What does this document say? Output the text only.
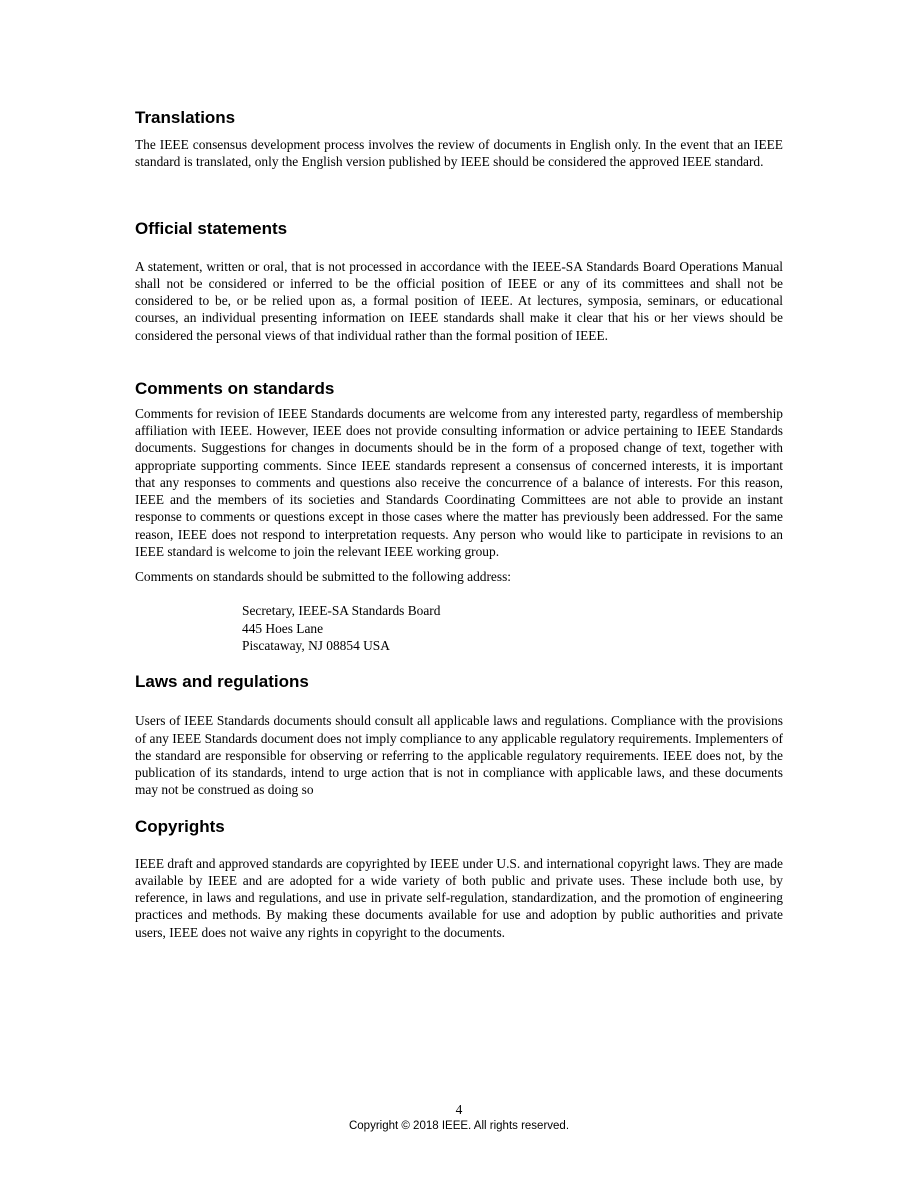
Translations

The IEEE consensus development process involves the review of documents in English only. In the event that an IEEE standard is translated, only the English version published by IEEE should be considered the approved IEEE standard.

Official statements

A statement, written or oral, that is not processed in accordance with the IEEE-SA Standards Board Operations Manual shall not be considered or inferred to be the official position of IEEE or any of its committees and shall not be considered to be, or be relied upon as, a formal position of IEEE. At lectures, symposia, seminars, or educational courses, an individual presenting information on IEEE standards shall make it clear that his or her views should be considered the personal views of that individual rather than the formal position of IEEE.

Comments on standards

Comments for revision of IEEE Standards documents are welcome from any interested party, regardless of membership affiliation with IEEE. However, IEEE does not provide consulting information or advice pertaining to IEEE Standards documents. Suggestions for changes in documents should be in the form of a proposed change of text, together with appropriate supporting comments. Since IEEE standards represent a consensus of concerned interests, it is important that any responses to comments and questions also receive the concurrence of a balance of interests. For this reason, IEEE and the members of its societies and Standards Coordinating Committees are not able to provide an instant response to comments or questions except in those cases where the matter has previously been addressed. For the same reason, IEEE does not respond to interpretation requests. Any person who would like to participate in revisions to an IEEE standard is welcome to join the relevant IEEE working group.

Comments on standards should be submitted to the following address:

Secretary, IEEE-SA Standards Board

445 Hoes Lane

Piscataway, NJ 08854 USA

Laws and regulations

Users of IEEE Standards documents should consult all applicable laws and regulations. Compliance with the provisions of any IEEE Standards document does not imply compliance to any applicable regulatory requirements. Implementers of the standard are responsible for observing or referring to the applicable regulatory requirements. IEEE does not, by the publication of its standards, intend to urge action that is not in compliance with applicable laws, and these documents may not be construed as doing so

Copyrights

IEEE draft and approved standards are copyrighted by IEEE under U.S. and international copyright laws. They are made available by IEEE and are adopted for a wide variety of both public and private uses. These include both use, by reference, in laws and regulations, and use in private self-regulation, standardization, and the promotion of engineering practices and methods. By making these documents available for use and adoption by public authorities and private users, IEEE does not waive any rights in copyright to the documents.

4
Copyright © 2018 IEEE. All rights reserved.
